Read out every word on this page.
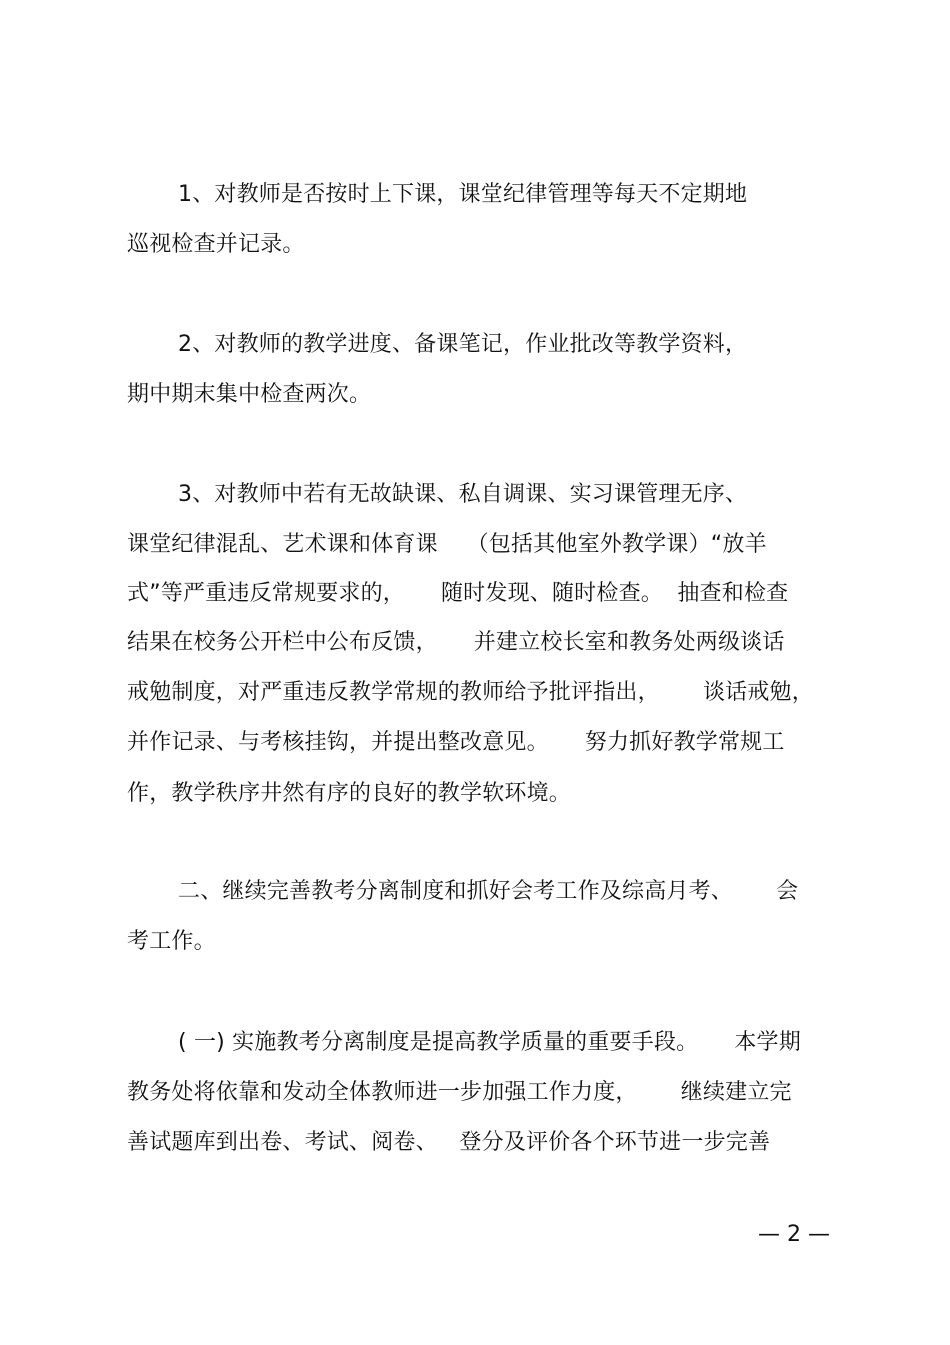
1、对教师是否按时上下课，课堂纪律管理等每天不定期地
巡视检查并记录。
2、对教师的教学进度、备课笔记，作业批改等教学资料，
期中期末集中检查两次。
3、对教师中若有无故缺课、私自调课、实习课管理无序、
课堂纪律混乱、艺术课和体育课    （包括其他室外教学课）“放羊
式”等严重违反常规要求的，     随时发现、随时检查。  抽查和检查
结果在校务公开栏中公布反馈，     并建立校长室和教务处两级谈话
戒勉制度，对严重违反教学常规的教师给予批评指出，      谈话戒勉，
并作记录、与考核挂钩，并提出整改意见。     努力抓好教学常规工
作，教学秩序井然有序的良好的教学软环境。
二、继续完善教考分离制度和抓好会考工作及综高月考、      会
考工作。
( 一) 实施教考分离制度是提高教学质量的重要手段。     本学期
教务处将依靠和发动全体教师进一步加强工作力度，      继续建立完
善试题库到出卷、考试、阅卷、   登分及评价各个环节进一步完善
— 2 —
